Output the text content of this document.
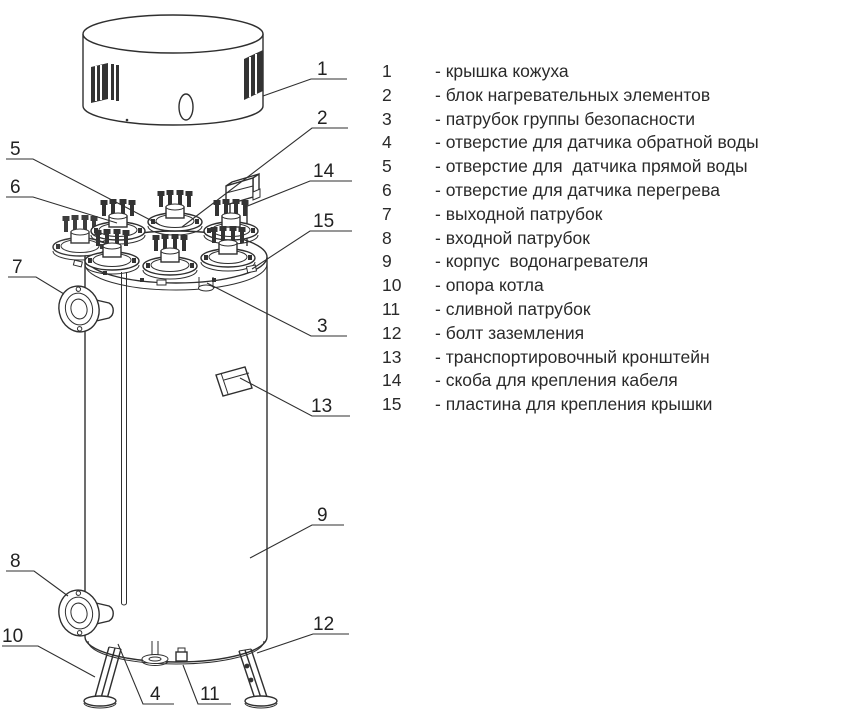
1
2
3
4
5
6
7
8
9
10
11
12
13
14
15
1	- крышка кожуха
2	- блок нагревательных элементов
3	- патрубок группы безопасности
4	- отверстие для датчика обратной воды
5	- отверстие для  датчика прямой воды
6	- отверстие для датчика перегрева
7	- выходной патрубок
8	- входной патрубок
9	- корпус  водонагревателя
10	- опора котла
11	- сливной патрубок
12	- болт заземления
13	- транспортировочный кронштейн
14	- скоба для крепления кабеля
15	- пластина для крепления крышки
